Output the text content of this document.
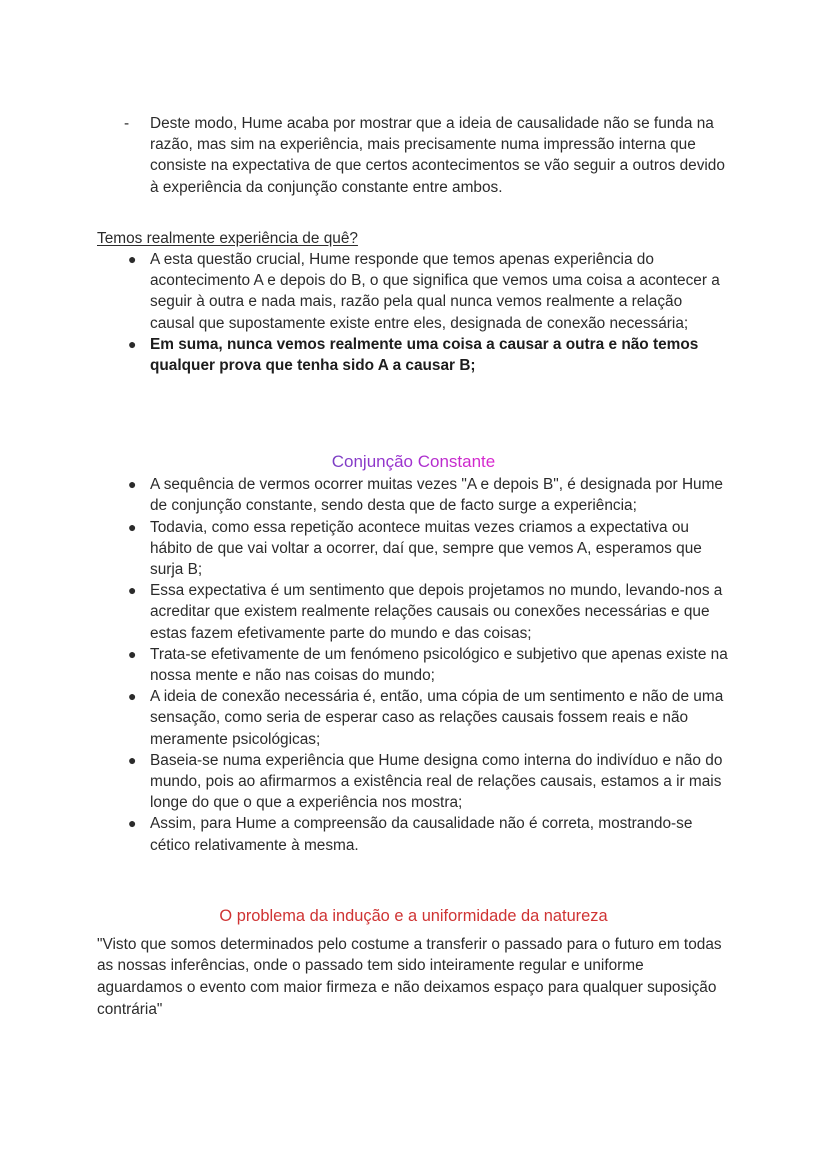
-	Deste modo, Hume acaba por mostrar que a ideia de causalidade não se funda na razão, mas sim na experiência, mais precisamente numa impressão interna que consiste na expectativa de que certos acontecimentos se vão seguir a outros devido à experiência da conjunção constante entre ambos.
Temos realmente experiência de quê?
● A esta questão crucial, Hume responde que temos apenas experiência do acontecimento A e depois do B, o que significa que vemos uma coisa a acontecer a seguir à outra e nada mais, razão pela qual nunca vemos realmente a relação causal que supostamente existe entre eles, designada de conexão necessária;
● Em suma, nunca vemos realmente uma coisa a causar a outra e não temos qualquer prova que tenha sido A a causar B;
Conjunção Constante
● A sequência de vermos ocorrer muitas vezes "A e depois B", é designada por Hume de conjunção constante, sendo desta que de facto surge a experiência;
● Todavia, como essa repetição acontece muitas vezes criamos a expectativa ou hábito de que vai voltar a ocorrer, daí que, sempre que vemos A, esperamos que surja B;
● Essa expectativa é um sentimento que depois projetamos no mundo, levando-nos a acreditar que existem realmente relações causais ou conexões necessárias e que estas fazem efetivamente parte do mundo e das coisas;
● Trata-se efetivamente de um fenómeno psicológico e subjetivo que apenas existe na nossa mente e não nas coisas do mundo;
● A ideia de conexão necessária é, então, uma cópia de um sentimento e não de uma sensação, como seria de esperar caso as relações causais fossem reais e não meramente psicológicas;
● Baseia-se numa experiência que Hume designa como interna do indivíduo e não do mundo, pois ao afirmarmos a existência real de relações causais, estamos a ir mais longe do que o que a experiência nos mostra;
● Assim, para Hume a compreensão da causalidade não é correta, mostrando-se cético relativamente à mesma.
O problema da indução e a uniformidade da natureza
"Visto que somos determinados pelo costume a transferir o passado para o futuro em todas as nossas inferências, onde o passado tem sido inteiramente regular e uniforme aguardamos o evento com maior firmeza e não deixamos espaço para qualquer suposição contrária"
